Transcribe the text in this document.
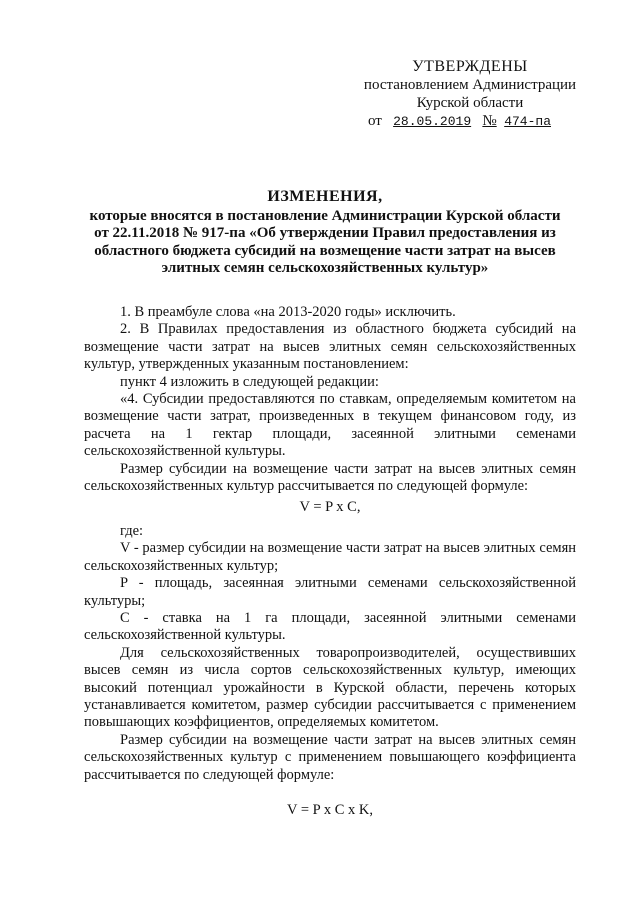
УТВЕРЖДЕНЫ
постановлением Администрации
Курской области
от 28.05.2019 № 474-па
ИЗМЕНЕНИЯ,
которые вносятся в постановление Администрации Курской области
от 22.11.2018 № 917-па «Об утверждении Правил предоставления из
областного бюджета субсидий на возмещение части затрат на высев
элитных семян сельскохозяйственных культур»

1. В преамбуле слова «на 2013-2020 годы» исключить.

2. В Правилах предоставления из областного бюджета субсидий на возмещение части затрат на высев элитных семян сельскохозяйственных культур, утвержденных указанным постановлением:

пункт 4 изложить в следующей редакции:

«4. Субсидии предоставляются по ставкам, определяемым комитетом на возмещение части затрат, произведенных в текущем финансовом году, из расчета на 1 гектар площади, засеянной элитными семенами сельскохозяйственной культуры.

Размер субсидии на возмещение части затрат на высев элитных семян сельскохозяйственных культур рассчитывается по следующей формуле:

V = P x C,

где:

V - размер субсидии на возмещение части затрат на высев элитных семян сельскохозяйственных культур;

P - площадь, засеянная элитными семенами сельскохозяйственной культуры;

C - ставка на 1 га площади, засеянной элитными семенами сельскохозяйственной культуры.

Для сельскохозяйственных товаропроизводителей, осуществивших высев семян из числа сортов сельскохозяйственных культур, имеющих высокий потенциал урожайности в Курской области, перечень которых устанавливается комитетом, размер субсидии рассчитывается с применением повышающих коэффициентов, определяемых комитетом.

Размер субсидии на возмещение части затрат на высев элитных семян сельскохозяйственных культур с применением повышающего коэффициента рассчитывается по следующей формуле:

V = P x C x K,
